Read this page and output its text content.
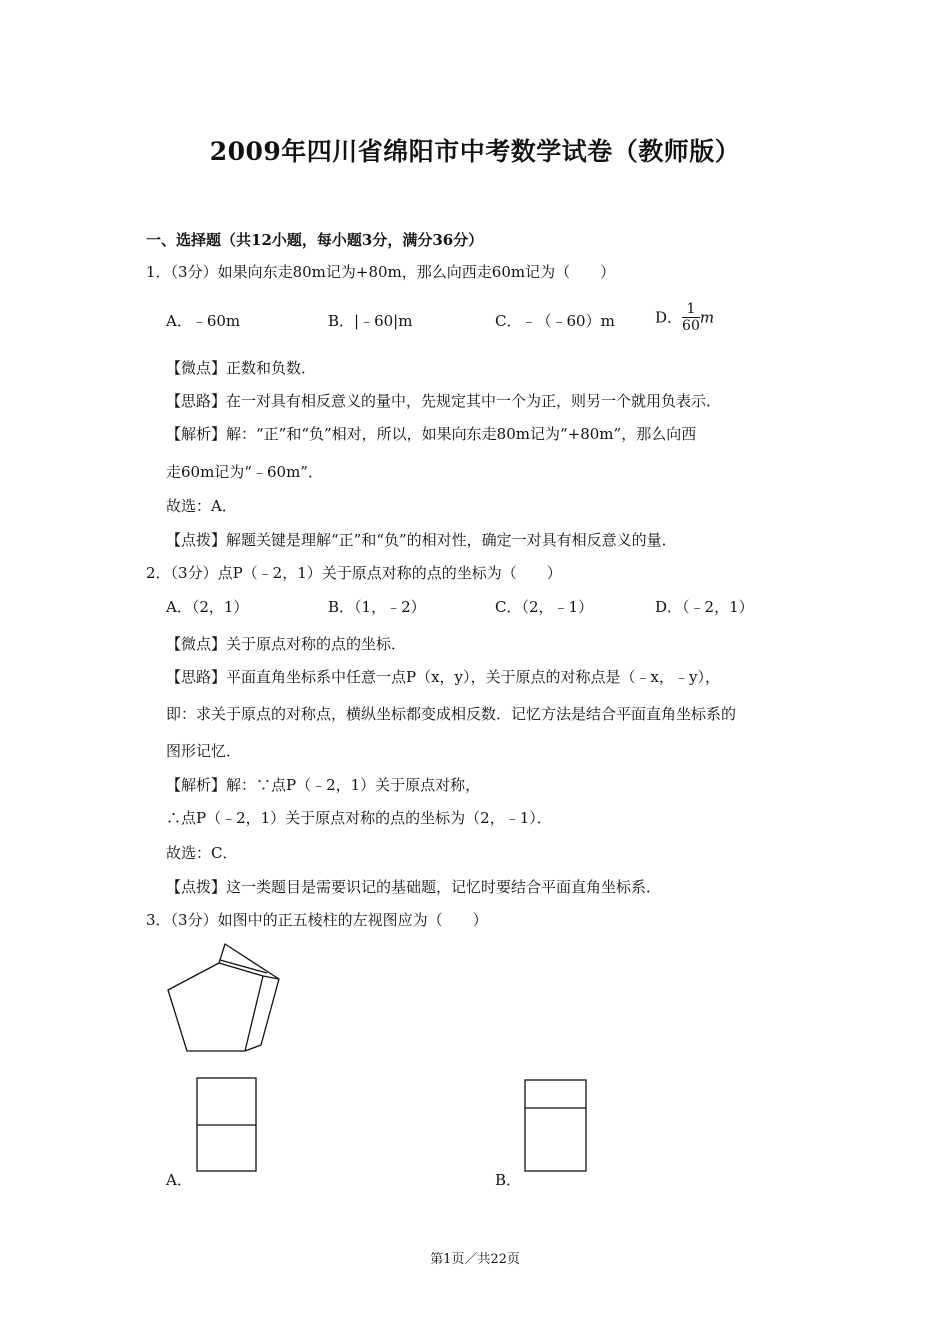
2009年四川省绵阳市中考数学试卷（教师版）
一、选择题（共12小题，每小题3分，满分36分）
1．（3分）如果向东走80m记为+80m，那么向西走60m记为（　　）
A．﹣60m	B．|﹣60|m	C．﹣（﹣60）m	D． $\frac{1}{60}$ m
【微点】正数和负数．
【思路】在一对具有相反意义的量中，先规定其中一个为正，则另一个就用负表示．
【解析】解：“正”和“负”相对，所以，如果向东走80m记为“+80m”，那么向西
走60m记为“﹣60m”．
故选：A．
【点拨】解题关键是理解“正”和“负”的相对性，确定一对具有相反意义的量．
2．（3分）点P（﹣2，1）关于原点对称的点的坐标为（　　）
A．（2，1）	B．（1，﹣2）	C．（2，﹣1）	D．（﹣2，1）
【微点】关于原点对称的点的坐标．
【思路】平面直角坐标系中任意一点P（x，y），关于原点的对称点是（﹣x，﹣y），
即：求关于原点的对称点，横纵坐标都变成相反数．记忆方法是结合平面直角坐标系的
图形记忆．
【解析】解：∵点P（﹣2，1）关于原点对称，
∴点P（﹣2，1）关于原点对称的点的坐标为（2，﹣1）．
故选：C．
【点拨】这一类题目是需要识记的基础题，记忆时要结合平面直角坐标系．
3．（3分）如图中的正五棱柱的左视图应为（　　）
A．	B．
第1页／共22页
